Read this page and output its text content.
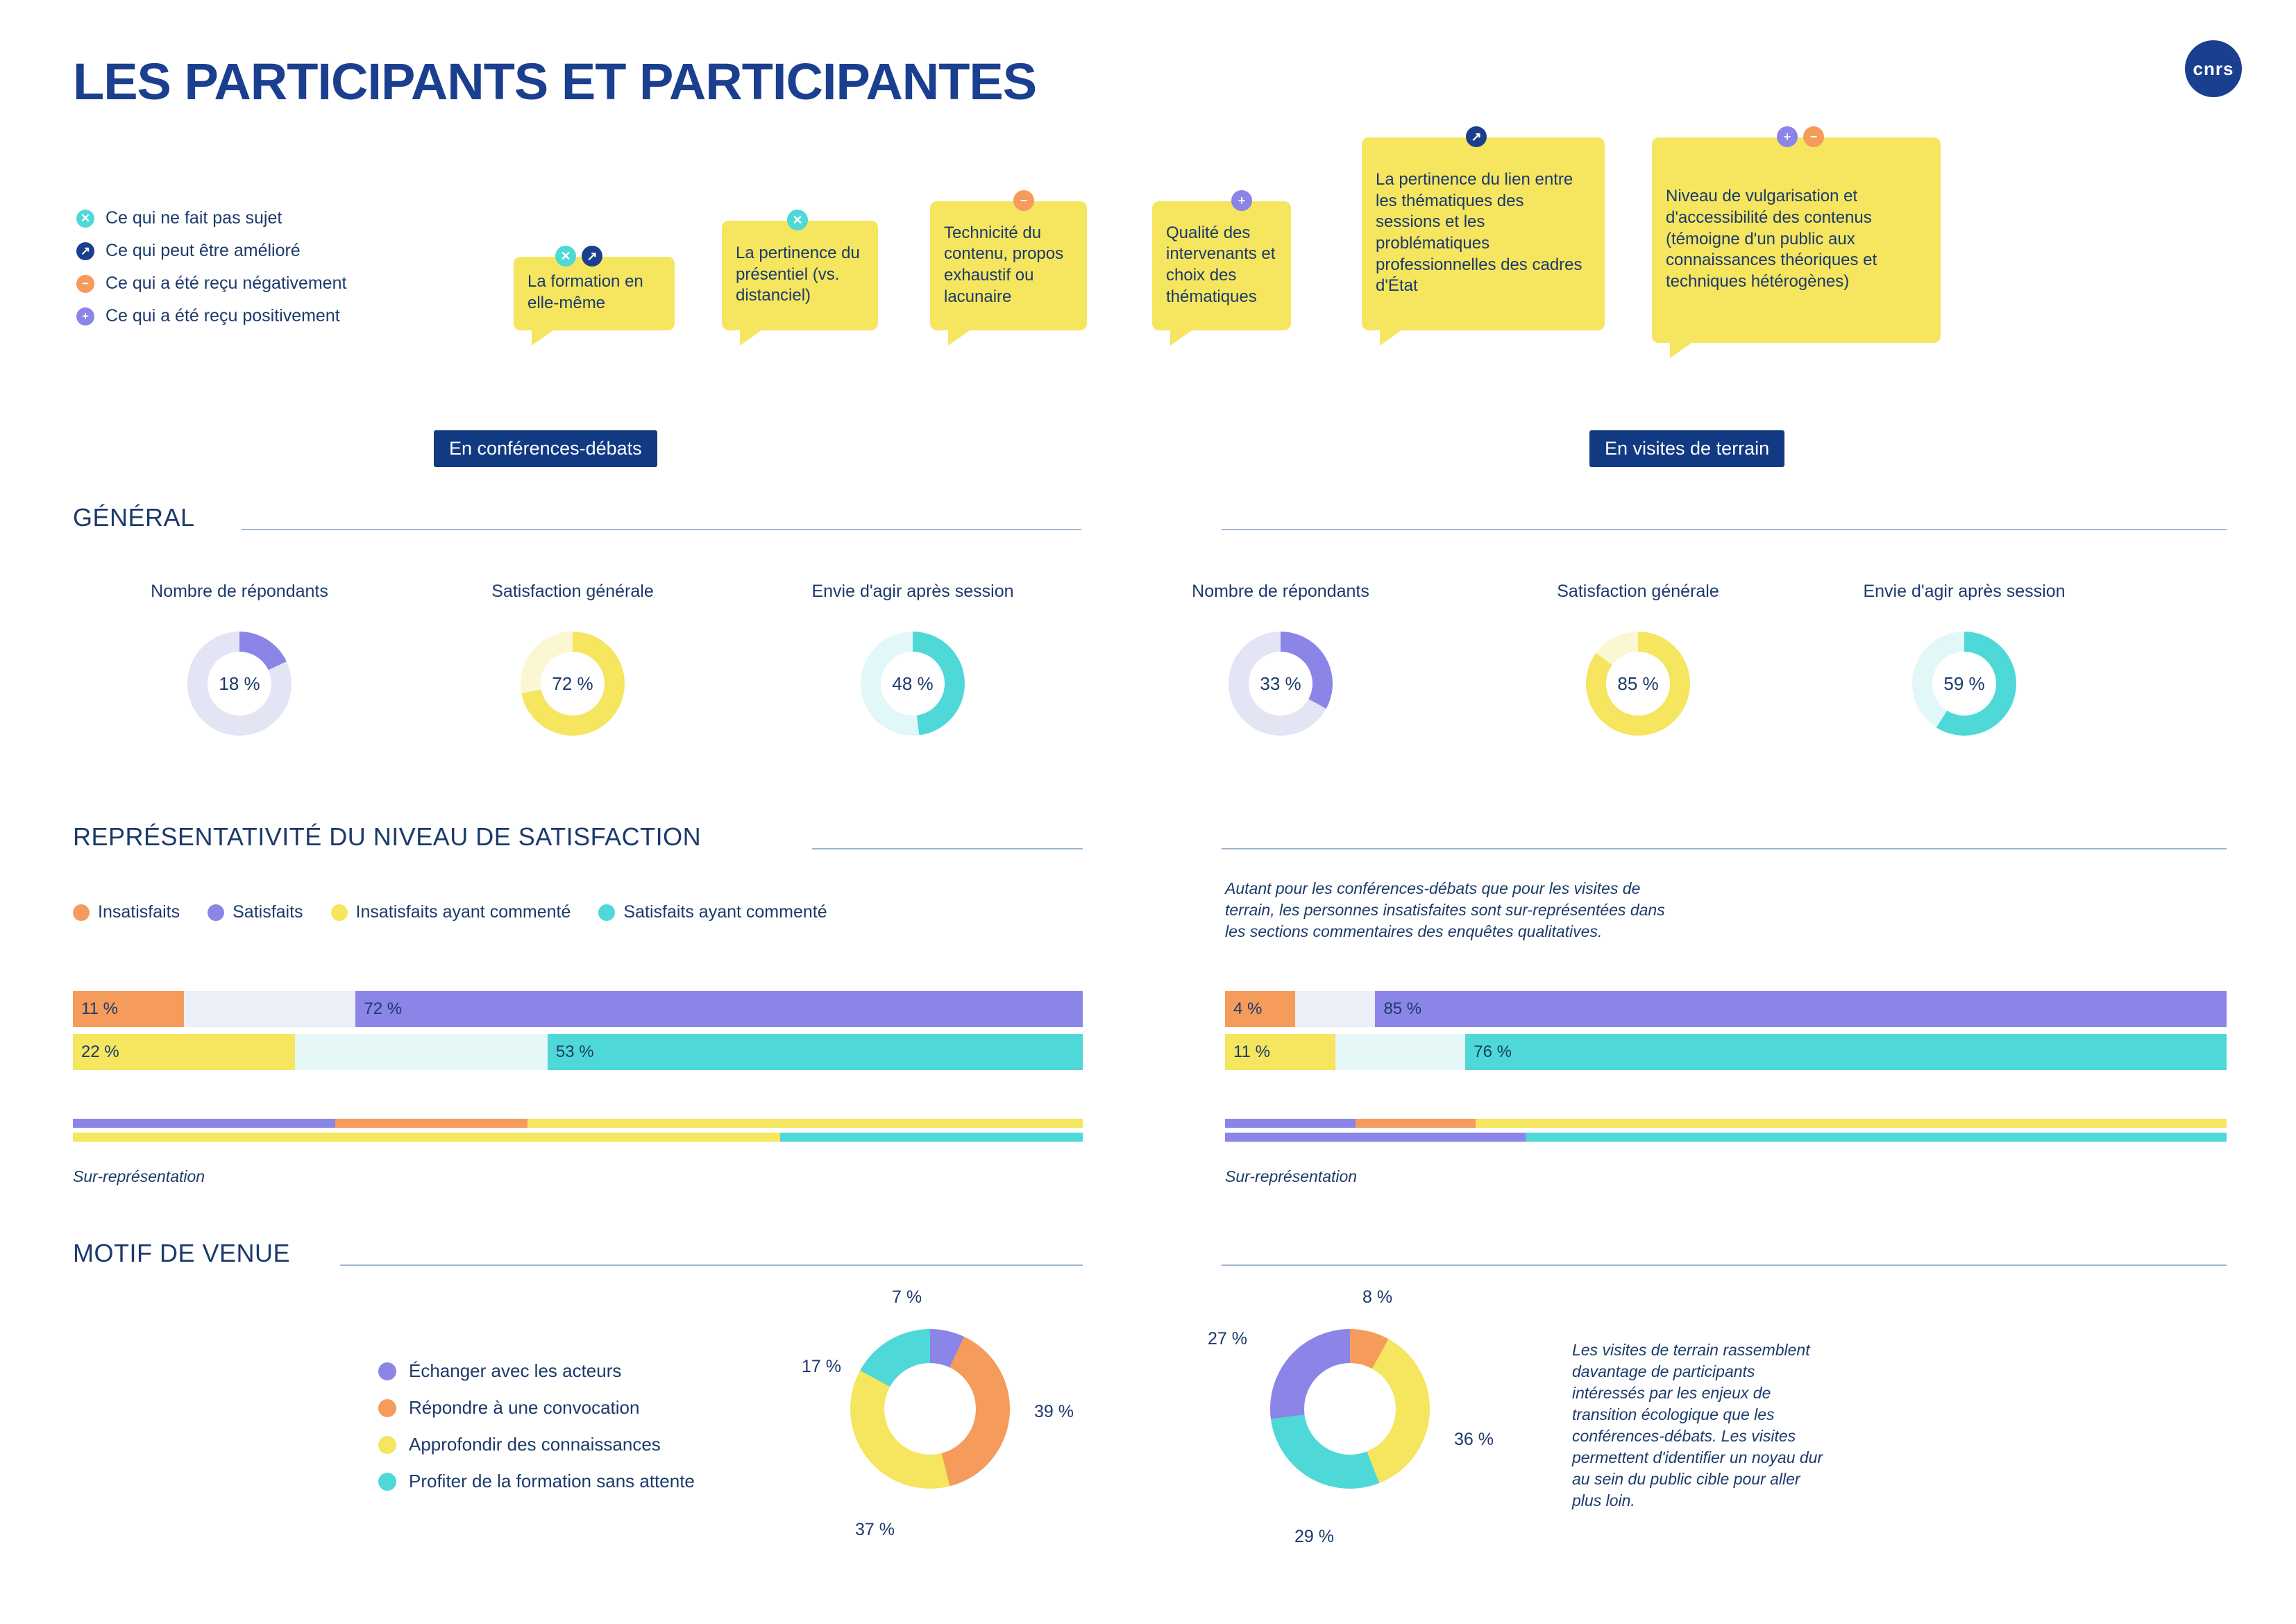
LES PARTICIPANTS ET PARTICIPANTES	cnrs
✕ Ce qui ne fait pas sujet
↗ Ce qui peut être amélioré
− Ce qui a été reçu négativement
+ Ce qui a été reçu positivement
✕	↗
La formation en elle-même
✕
La pertinence du présentiel (vs. distanciel)
−
Technicité du contenu, propos exhaustif ou lacunaire
+
Qualité des intervenants et choix des thématiques
↗
La pertinence du lien entre les thématiques des sessions et les problématiques professionnelles des cadres d'État
+	−
Niveau de vulgarisation et d'accessibilité des contenus (témoigne d'un public aux connaissances théoriques et techniques hétérogènes)
En conférences-débats	En visites de terrain
GÉNÉRAL
Nombre de répondants	Satisfaction générale	Envie d'agir après session
18 %	72 %	48 %
Nombre de répondants	Satisfaction générale	Envie d'agir après session
33 %	85 %	59 %
REPRÉSENTATIVITÉ DU NIVEAU DE SATISFACTION
Insatisfaits	Satisfaits	Insatisfaits ayant commenté	Satisfaits ayant commenté
Autant pour les conférences-débats que pour les visites de terrain, les personnes insatisfaites sont sur-représentées dans les sections commentaires des enquêtes qualitatives.
11 %	72 %
22 %	53 %
Sur-représentation
4 %	85 %
11 %	76 %
Sur-représentation
MOTIF DE VENUE
Échanger avec les acteurs
Répondre à une convocation
Approfondir des connaissances
Profiter de la formation sans attente
7 %
39 %
37 %
17 %
8 %
36 %
29 %
27 %
Les visites de terrain rassemblent davantage de participants intéressés par les enjeux de transition écologique que les conférences-débats. Les visites permettent d'identifier un noyau dur au sein du public cible pour aller plus loin.
